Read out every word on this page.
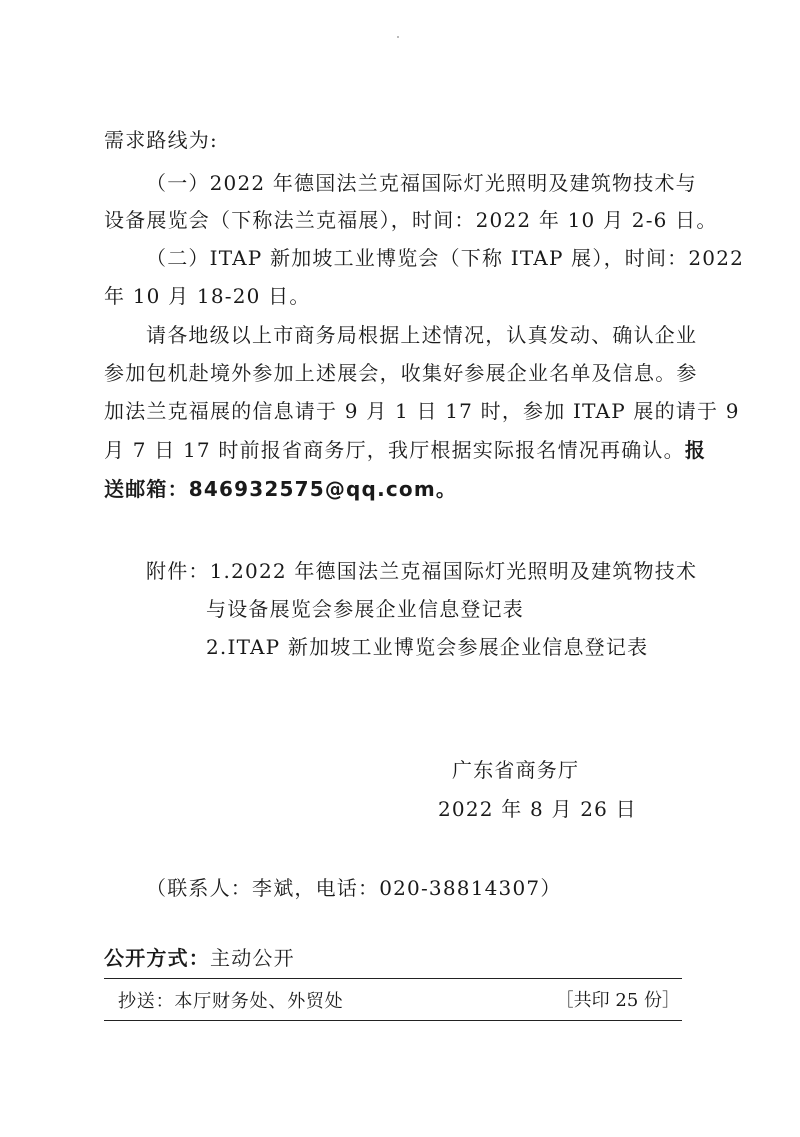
需求路线为:
（一）2022 年德国法兰克福国际灯光照明及建筑物技术与
设备展览会（下称法兰克福展），时间：2022 年 10 月 2-6 日。
（二）ITAP 新加坡工业博览会（下称 ITAP 展），时间：2022
年 10 月 18-20 日。
请各地级以上市商务局根据上述情况，认真发动、确认企业
参加包机赴境外参加上述展会，收集好参展企业名单及信息。参
加法兰克福展的信息请于 9 月 1 日 17 时，参加 ITAP 展的请于 9
月 7 日 17 时前报省商务厅，我厅根据实际报名情况再确认。 报
送邮箱：846932575@qq.com。
附件： 1.2022 年德国法兰克福国际灯光照明及建筑物技术
与设备展览会参展企业信息登记表
2.ITAP 新加坡工业博览会参展企业信息登记表
广东省商务厅
2022 年 8 月 26 日
（联系人：李斌，电话：020-38814307）
公开方式：主动公开
抄送：本厅财务处、外贸处	［共印 25 份］
